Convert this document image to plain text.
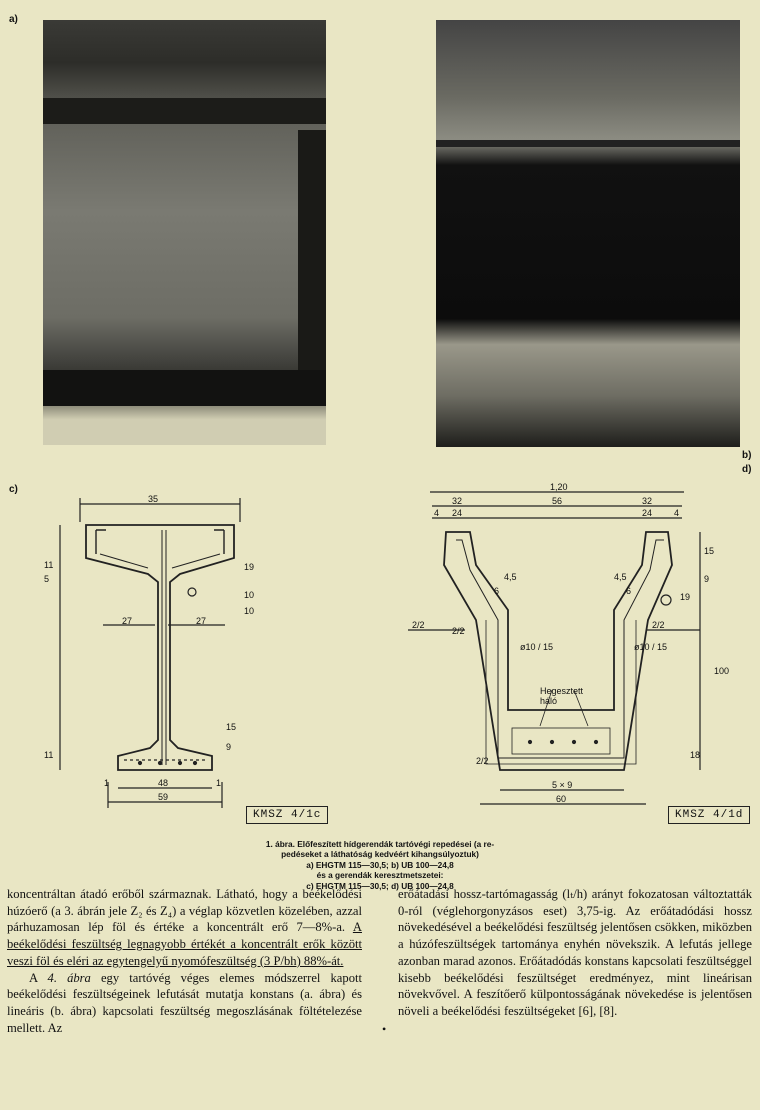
a)
b)
d)
c)
35
27	27
48
59
11
5
11
19
10
10
9
15
1	1
1,20
56
32	32
24	24
4	4
15
9
19
100
2/2
2/2
2/2
2/2
ø10 / 15	ø10 / 15
5 × 9
60
4,5
6
18
4,5
6
Hegesztett
háló
KMSZ 4/1c	KMSZ 4/1d
1. ábra. Előfeszített hídgerendák tartóvégi repedései (a re-
pedéseket a láthatóság kedvéért kihangsúlyoztuk)
a) EHGTM 115—30,5; b) UB 100—24,8
és a gerendák keresztmetszetei:
c) EHGTM 115—30,5; d) UB 100—24,8

koncentráltan átadó erőből származnak. Látható, hogy a beékelődési húzóerő (a 3. ábrán jele Z₂ és Z₄) a véglap közvetlen közelében, azzal párhuzamosan lép föl és értéke a koncentrált erő 7—8%-a. A beékelődési feszültség legnagyobb értékét a koncentrált erők között veszi föl és eléri az egytengelyű nyomófeszültség (3 P/bh) 88%-át.

A 4. ábra egy tartóvég véges elemes módszerrel kapott beékelődési feszültségeinek lefutását mutatja konstans (a. ábra) és lineáris (b. ábra) kapcsolati feszültség megoszlásának föltételezése mellett. Az	•

erőátadási hossz-tartómagasság (lₜ/h) arányt fokozatosan változtatták 0-ról (véglehorgonyzásos eset) 3,75-ig. Az erőátadódási hossz növekedésével a beékelődési feszültség jelentősen csökken, miközben a húzófeszültségek tartománya enyhén növekszik. A lefutás jellege azonban marad azonos. Erőátadódás konstans kapcsolati feszültséggel kisebb beékelődési feszültséget eredményez, mint lineárisan növekvővel. A feszítőerő külpontosságának növekedése is jelentősen növeli a beékelődési feszültségeket [6], [8].
